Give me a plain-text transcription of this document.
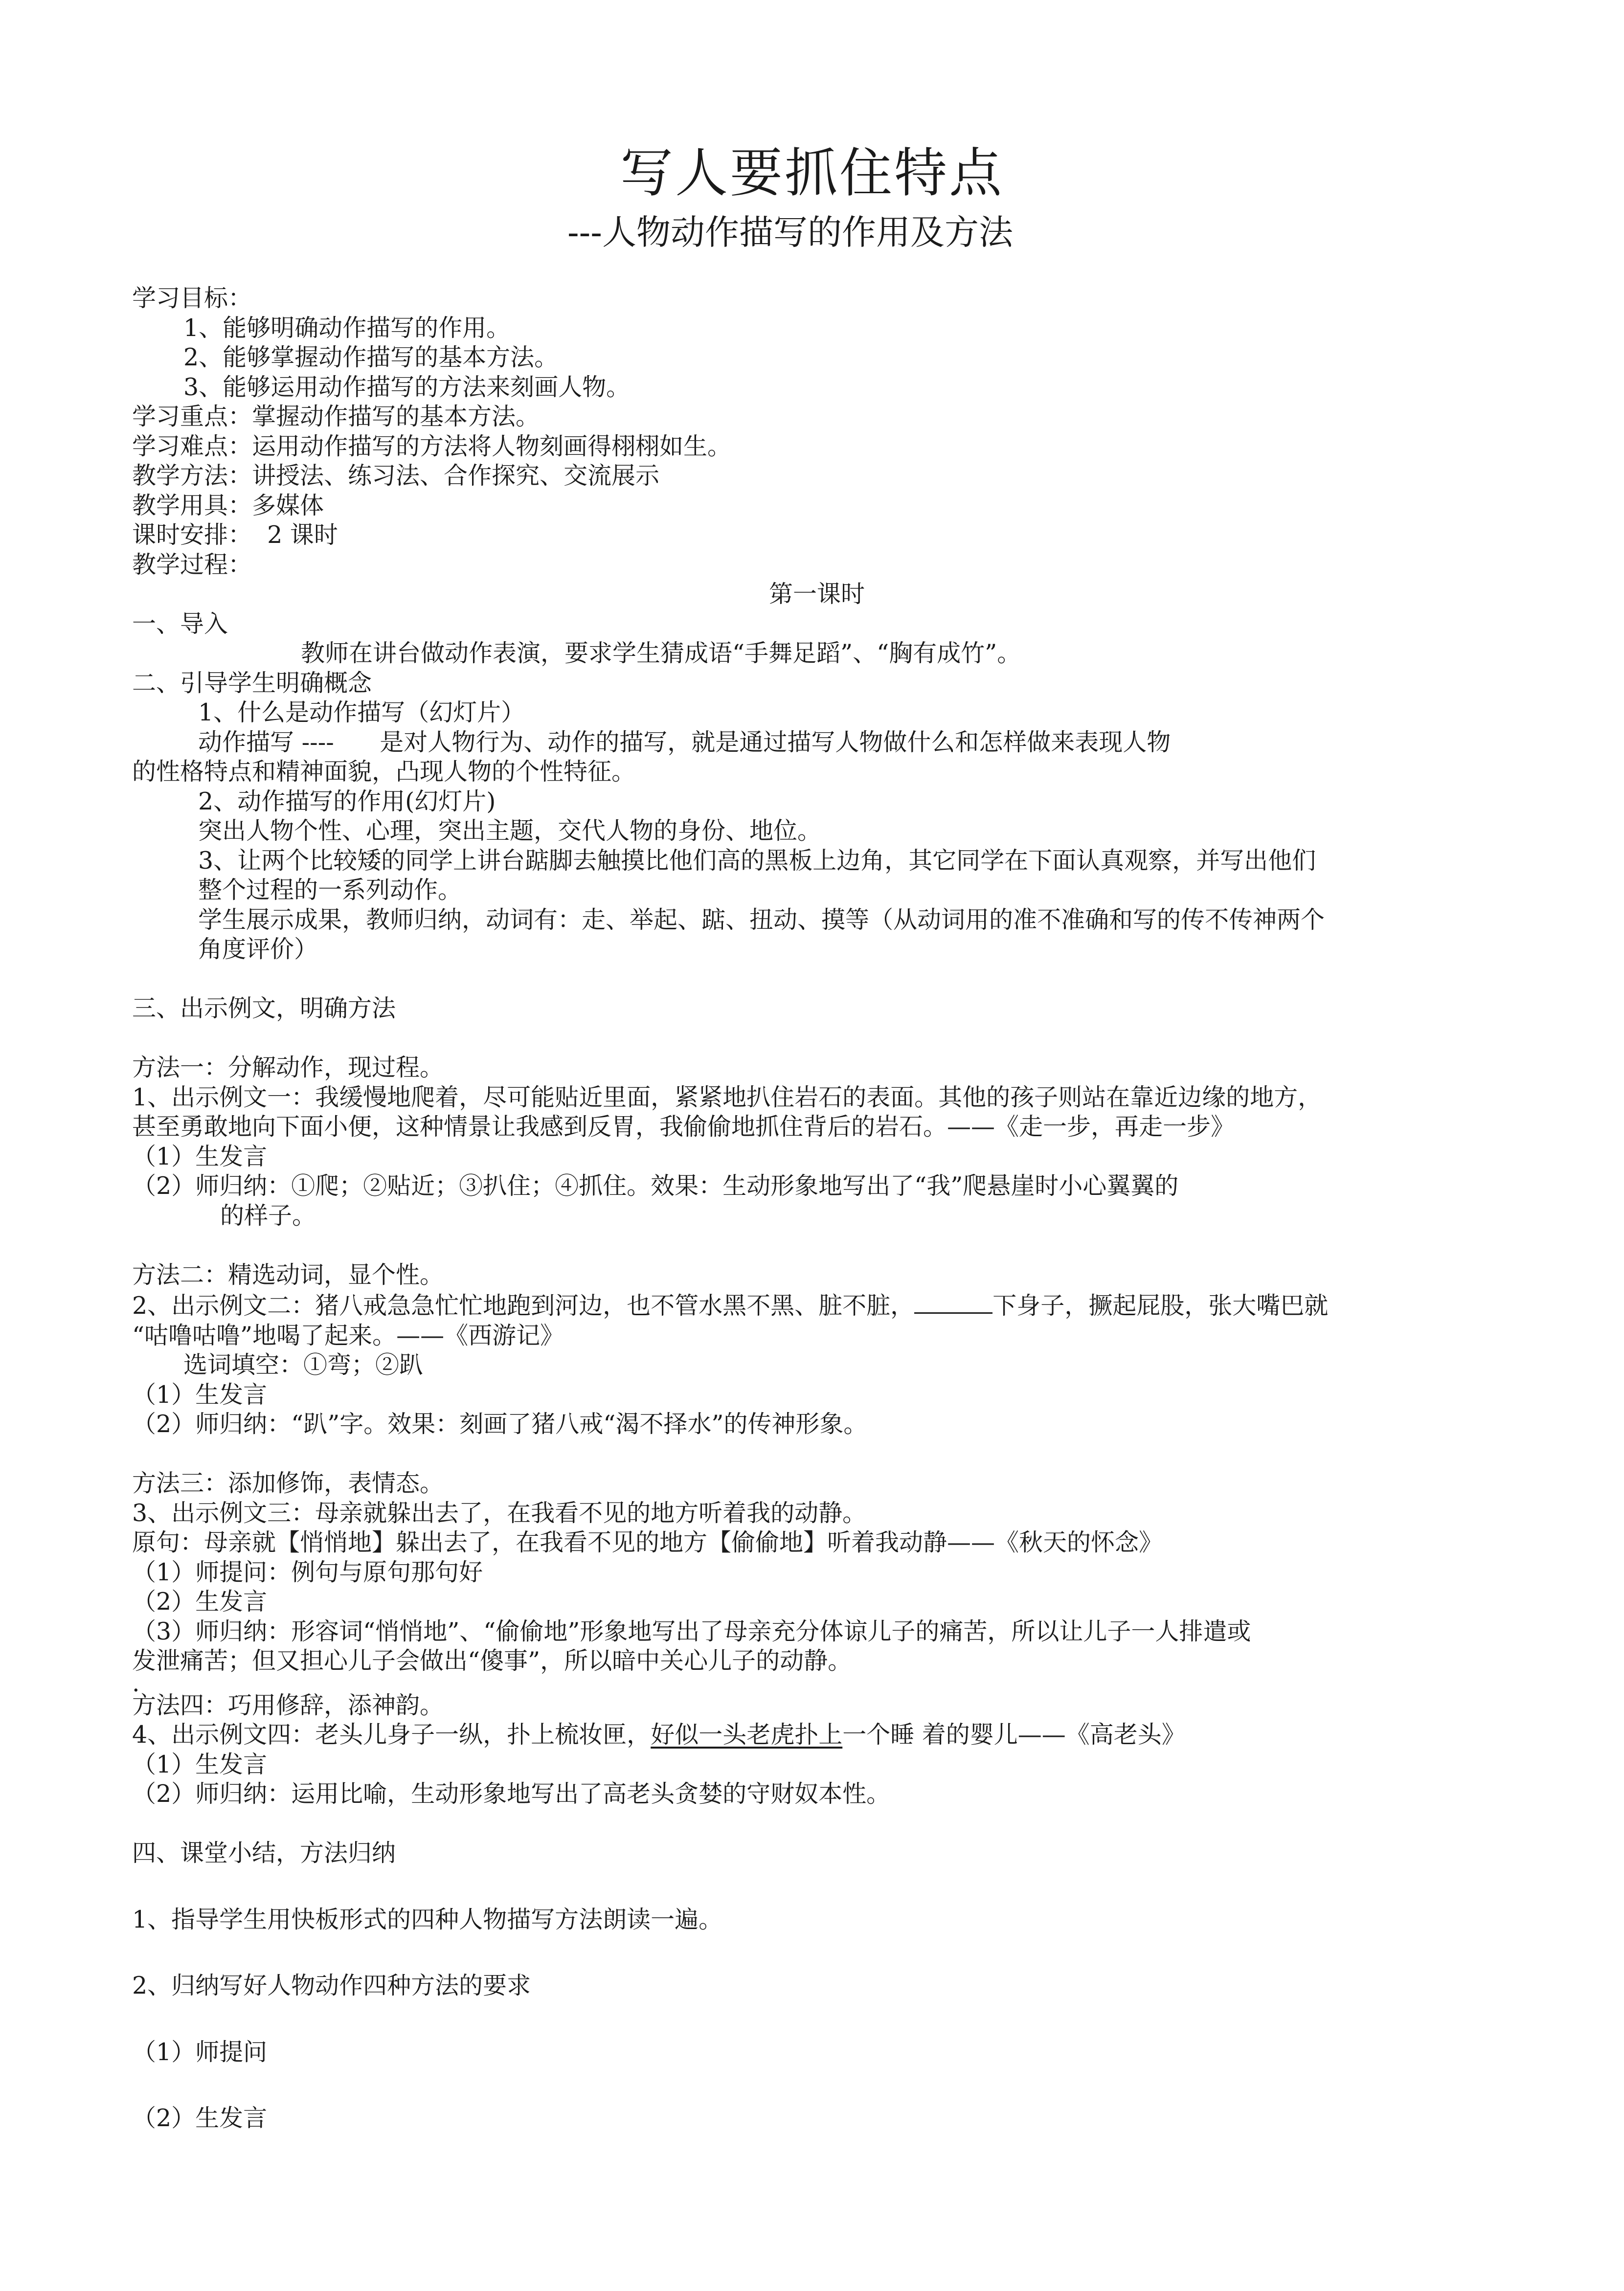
写人要抓住特点
---人物动作描写的作用及方法

学习目标：

1、能够明确动作描写的作用。

2、能够掌握动作描写的基本方法。

3、能够运用动作描写的方法来刻画人物。

学习重点：掌握动作描写的基本方法。

学习难点：运用动作描写的方法将人物刻画得栩栩如生。

教学方法：讲授法、练习法、合作探究、交流展示

教学用具：多媒体

课时安排：  2 课时

教学过程：

第一课时

一、导入

教师在讲台做动作表演，要求学生猜成语“手舞足蹈”、“胸有成竹”。

二、引导学生明确概念

1、什么是动作描写（幻灯片）

动作描写 ----      是对人物行为、动作的描写，就是通过描写人物做什么和怎样做来表现人物

的性格特点和精神面貌，凸现人物的个性特征。

2、动作描写的作用(幻灯片)

突出人物个性、心理，突出主题，交代人物的身份、地位。

3、让两个比较矮的同学上讲台踮脚去触摸比他们高的黑板上边角，其它同学在下面认真观察，并写出他们

整个过程的一系列动作。

学生展示成果，教师归纳，动词有：走、举起、踮、扭动、摸等（从动词用的准不准确和写的传不传神两个

角度评价）

三、出示例文，明确方法

方法一：分解动作，现过程。

1、出示例文一：我缓慢地爬着，尽可能贴近里面，紧紧地扒住岩石的表面。其他的孩子则站在靠近边缘的地方，

甚至勇敢地向下面小便，这种情景让我感到反胃，我偷偷地抓住背后的岩石。——《走一步，再走一步》

（1）生发言

（2）师归纳：①爬；②贴近；③扒住；④抓住。效果：生动形象地写出了“我”爬悬崖时小心翼翼的

的样子。

方法二：精选动词，显个性。

2、出示例文二：猪八戒急急忙忙地跑到河边，也不管水黑不黑、脏不脏，	下身子，撅起屁股，张大嘴巴就

“咕噜咕噜”地喝了起来。——《西游记》

选词填空：①弯；②趴

（1）生发言

（2）师归纳：“趴”字。效果：刻画了猪八戒“渴不择水”的传神形象。

方法三：添加修饰，表情态。

3、出示例文三：母亲就躲出去了，在我看不见的地方听着我的动静。

原句：母亲就【悄悄地】躲出去了，在我看不见的地方【偷偷地】听着我动静——《秋天的怀念》

（1）师提问：例句与原句那句好

（2）生发言

（3）师归纳：形容词“悄悄地”、“偷偷地”形象地写出了母亲充分体谅儿子的痛苦，所以让儿子一人排遣或

发泄痛苦；但又担心儿子会做出“傻事”，所以暗中关心儿子的动静。

.

方法四：巧用修辞，添神韵。

4、出示例文四：老头儿身子一纵，扑上梳妆匣，好似一头老虎扑上一个睡 着的婴儿——《高老头》

（1）生发言

（2）师归纳：运用比喻，生动形象地写出了高老头贪婪的守财奴本性。

四、课堂小结，方法归纳

1、指导学生用快板形式的四种人物描写方法朗读一遍。

2、归纳写好人物动作四种方法的要求

（1）师提问

（2）生发言
